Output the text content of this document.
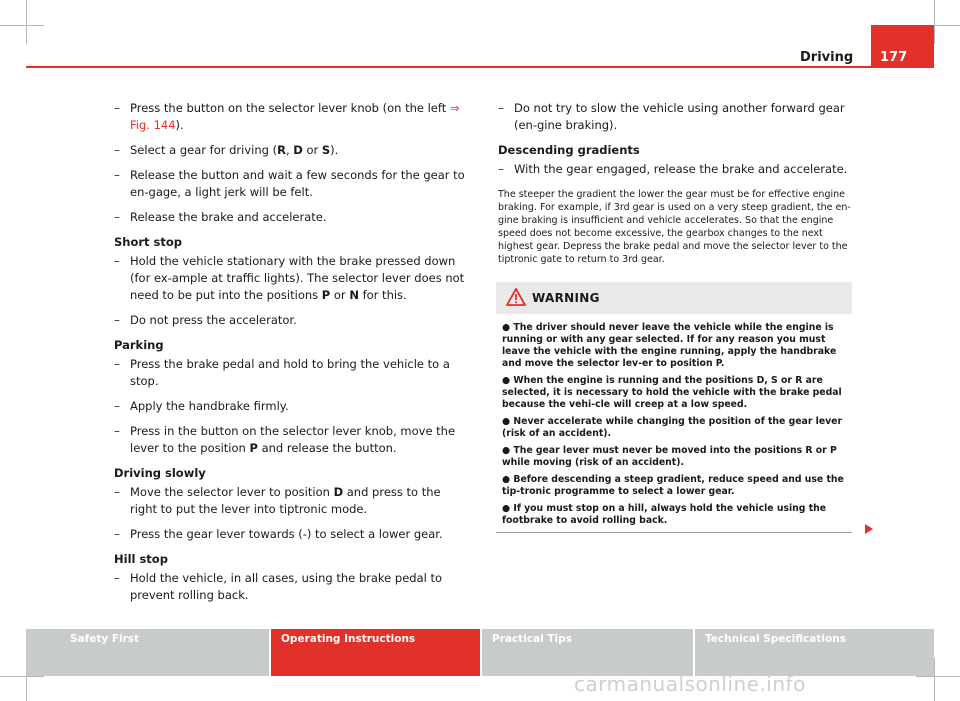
Driving 177
– Press the button on the selector lever knob (on the left ⇒ Fig. 144).
– Select a gear for driving (R, D or S).
– Release the button and wait a few seconds for the gear to en-gage, a light jerk will be felt.
– Release the brake and accelerate.
Short stop
– Hold the vehicle stationary with the brake pressed down (for ex-ample at traffic lights). The selector lever does not need to be put into the positions P or N for this.
– Do not press the accelerator.
Parking
– Press the brake pedal and hold to bring the vehicle to a stop.
– Apply the handbrake firmly.
– Press in the button on the selector lever knob, move the lever to the position P and release the button.
Driving slowly
– Move the selector lever to position D and press to the right to put the lever into tiptronic mode.
– Press the gear lever towards (-) to select a lower gear.
Hill stop
– Hold the vehicle, in all cases, using the brake pedal to prevent rolling back.
– Do not try to slow the vehicle using another forward gear (en-gine braking).
Descending gradients
– With the gear engaged, release the brake and accelerate.
The steeper the gradient the lower the gear must be for effective engine braking. For example, if 3rd gear is used on a very steep gradient, the en-gine braking is insufficient and vehicle accelerates. So that the engine speed does not become excessive, the gearbox changes to the next highest gear. Depress the brake pedal and move the selector lever to the tiptronic gate to return to 3rd gear.
WARNING
● The driver should never leave the vehicle while the engine is running or with any gear selected. If for any reason you must leave the vehicle with the engine running, apply the handbrake and move the selector lev-er to position P.
● When the engine is running and the positions D, S or R are selected, it is necessary to hold the vehicle with the brake pedal because the vehi-cle will creep at a low speed.
● Never accelerate while changing the position of the gear lever (risk of an accident).
● The gear lever must never be moved into the positions R or P while moving (risk of an accident).
● Before descending a steep gradient, reduce speed and use the tip-tronic programme to select a lower gear.
● If you must stop on a hill, always hold the vehicle using the footbrake to avoid rolling back.
Safety First	Operating Instructions	Practical Tips	Technical Specifications
carmanualsonline.info
